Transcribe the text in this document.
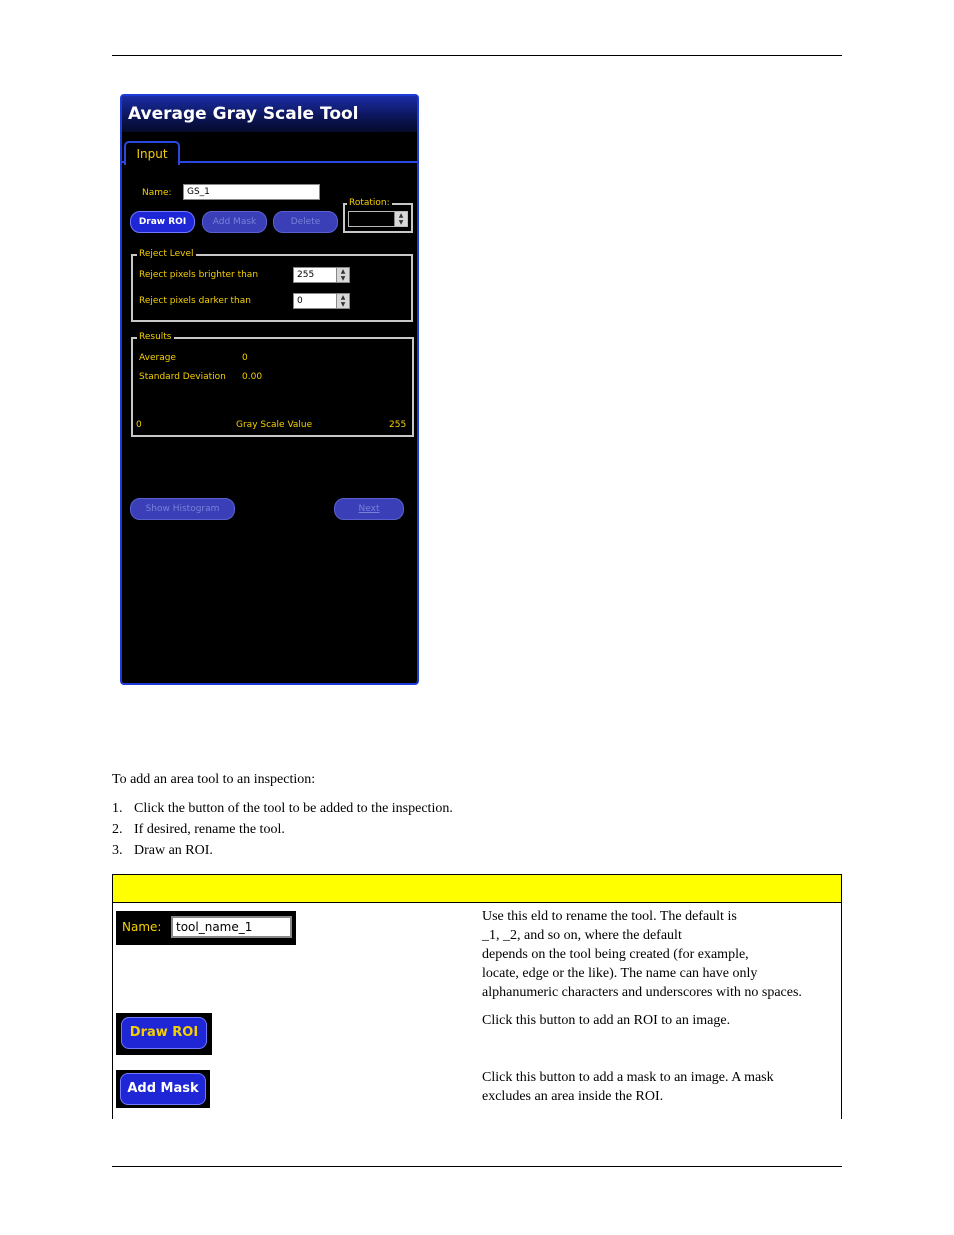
Average Gray Scale Tool
Input
Name:	GS_1
Rotation:
▲
▼
Draw ROI	Add Mask	Delete
Reject Level
Reject pixels brighter than	255	▲
▼
Reject pixels darker than	0	▲
▼
Results
Average	0
Standard Deviation 0.00
0	Gray Scale Value	255
Show Histogram	Next
To add an area tool to an inspection:
1. Click the button of the tool to be added to the inspection.
2. If desired, rename the tool.
3. Draw an ROI.
Name:	tool_name_1
Use this eld to rename the tool. The default is
_1, _2, and so on, where the default
depends on the tool being created (for example,
locate, edge or the like). The name can have only
alphanumeric characters and underscores with no spaces.
Draw ROI
Click this button to add an ROI to an image.
Add Mask
Click this button to add a mask to an image. A mask
excludes an area inside the ROI.
